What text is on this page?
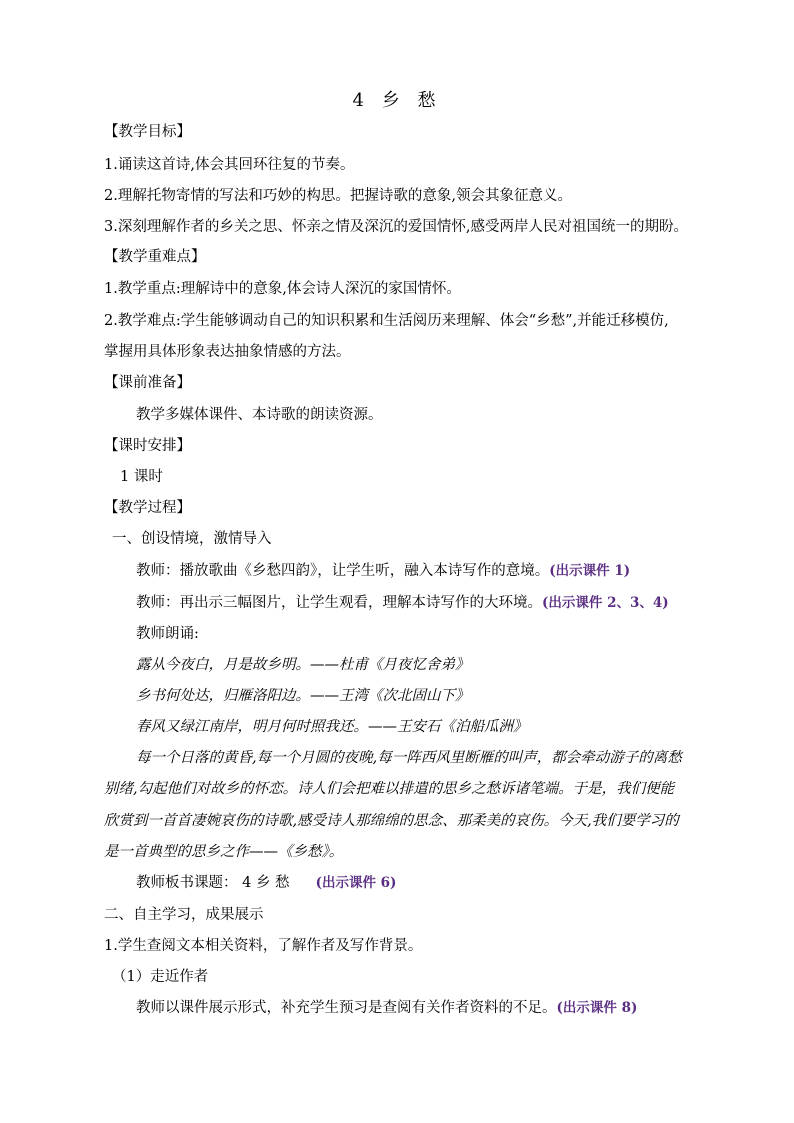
4 乡 愁
【教学目标】
1.诵读这首诗,体会其回环往复的节奏。
2.理解托物寄情的写法和巧妙的构思。把握诗歌的意象,领会其象征意义。
3.深刻理解作者的乡关之思、怀亲之情及深沉的爱国情怀,感受两岸人民对祖国统一的期盼。
【教学重难点】
1.教学重点:理解诗中的意象,体会诗人深沉的家国情怀。
2.教学难点:学生能够调动自己的知识积累和生活阅历来理解、体会“乡愁”,并能迁移模仿,
掌握用具体形象表达抽象情感的方法。
【课前准备】
教学多媒体课件、本诗歌的朗读资源。
【课时安排】
1 课时
【教学过程】
一、创设情境，激情导入
教师：播放歌曲《乡愁四韵》，让学生听，融入本诗写作的意境。(出示课件 1)
教师：再出示三幅图片，让学生观看，理解本诗写作的大环境。(出示课件 2、3、4)
教师朗诵:
露从今夜白，月是故乡明。——杜甫《月夜忆舍弟》
乡书何处达，归雁洛阳边。——王湾《次北固山下》
春风又绿江南岸，明月何时照我还。——王安石《泊船瓜洲》
每一个日落的黄昏,每一个月圆的夜晚,每一阵西风里断雁的叫声，都会牵动游子的离愁
别绪,勾起他们对故乡的怀恋。诗人们会把难以排遣的思乡之愁诉诸笔端。于是，我们便能
欣赏到一首首凄婉哀伤的诗歌,感受诗人那绵绵的思念、那柔美的哀伤。今天,我们要学习的
是一首典型的思乡之作——《乡愁》。
教师板书课题： 4 乡 愁 (出示课件 6)
二、自主学习，成果展示
1.学生查阅文本相关资料，了解作者及写作背景。
（1）走近作者
教师以课件展示形式，补充学生预习是查阅有关作者资料的不足。(出示课件 8)
